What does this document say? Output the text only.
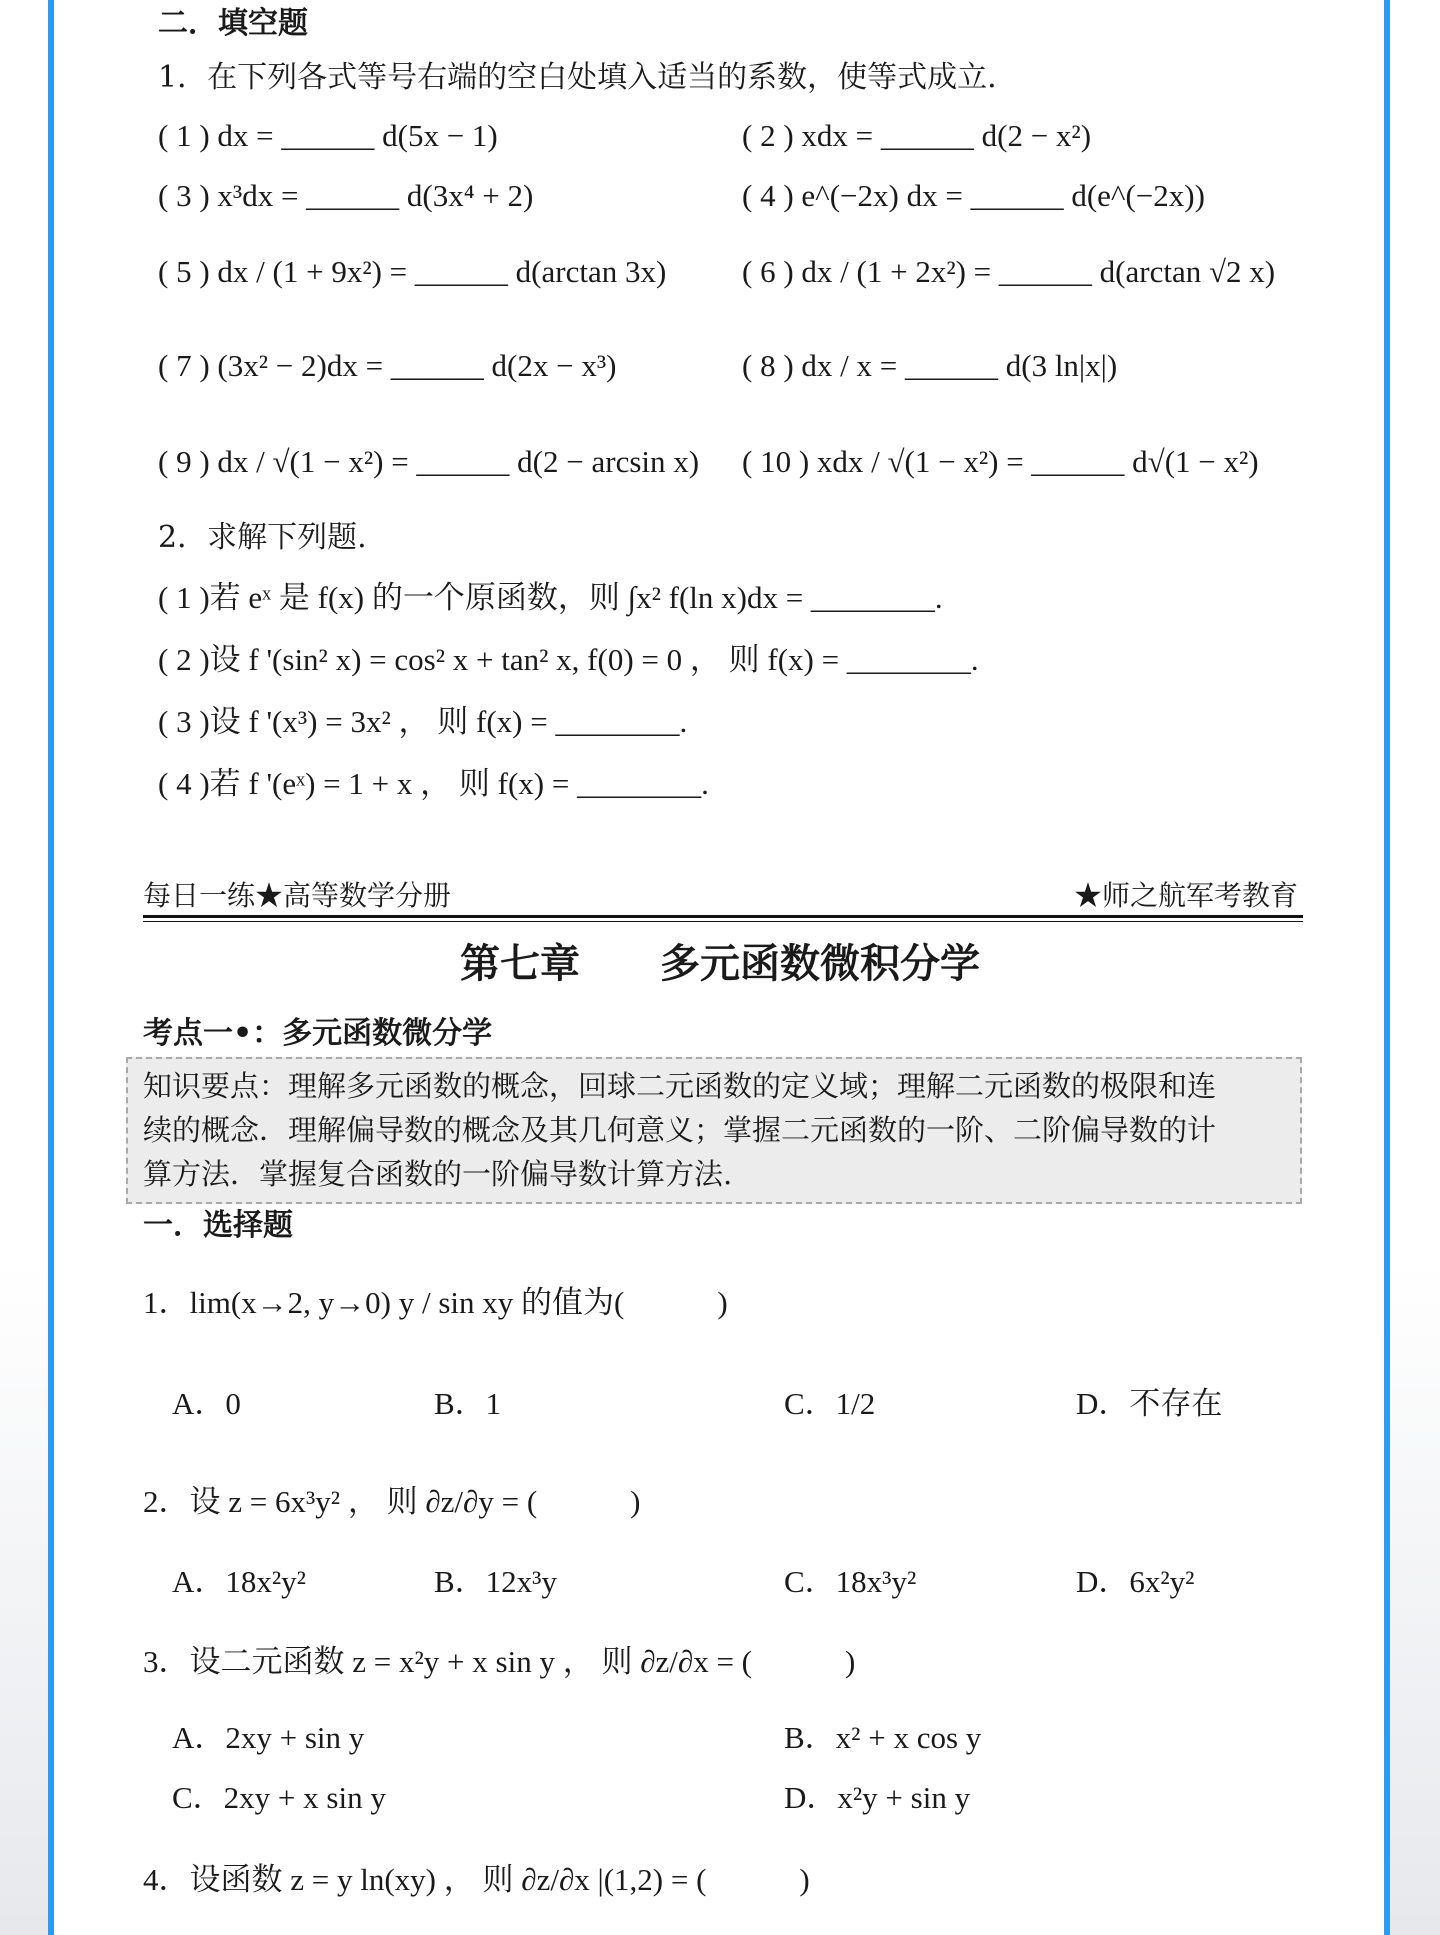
二．填空题
1．在下列各式等号右端的空白处填入适当的系数，使等式成立.
( 1 ) dx = ______ d(5x − 1)	( 2 ) xdx = ______ d(2 − x²)
( 3 ) x³dx = ______ d(3x⁴ + 2)	( 4 ) e^(−2x) dx = ______ d(e^(−2x))
( 5 ) dx / (1 + 9x²) = ______ d(arctan 3x) ( 6 ) dx / (1 + 2x²) = ______ d(arctan √2 x)
( 7 ) (3x² − 2)dx = ______ d(2x − x³)	( 8 ) dx / x = ______ d(3 ln|x|)
( 9 ) dx / √(1 − x²) = ______ d(2 − arcsin x) ( 10 ) xdx / √(1 − x²) = ______ d√(1 − x²)
2．求解下列题.
( 1 )若 eˣ 是 f(x) 的一个原函数，则 ∫x² f(ln x)dx = ________.
( 2 )设 f '(sin² x) = cos² x + tan² x, f(0) = 0 ， 则 f(x) = ________.
( 3 )设 f '(x³) = 3x² ， 则 f(x) = ________.
( 4 )若 f '(eˣ) = 1 + x ， 则 f(x) = ________.
每日一练★高等数学分册	★师之航军考教育
第七章　　多元函数微积分学
考点一•：多元函数微分学
知识要点：理解多元函数的概念，回球二元函数的定义域；理解二元函数的极限和连
续的概念．理解偏导数的概念及其几何意义；掌握二元函数的一阶、二阶偏导数的计
算方法．掌握复合函数的一阶偏导数计算方法.
一．选择题
1．lim(x→2, y→0) y / sin xy 的值为(　　　)
A．0	B．1	C．1/2	D．不存在
2．设 z = 6x³y² ， 则 ∂z/∂y = (　　　)
A．18x²y²	B．12x³y	C．18x³y²	D．6x²y²
3．设二元函数 z = x²y + x sin y ， 则 ∂z/∂x = (　　　)
A．2xy + sin y	B．x² + x cos y
C．2xy + x sin y	D．x²y + sin y
4．设函数 z = y ln(xy) ， 则 ∂z/∂x |(1,2) = (　　　)
